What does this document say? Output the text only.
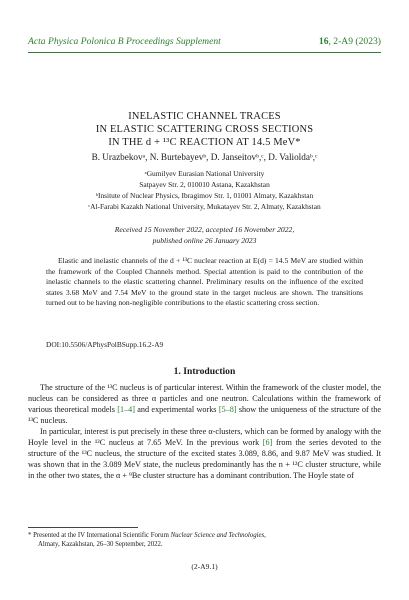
Acta Physica Polonica B Proceedings Supplement	16, 2-A9 (2023)
INELASTIC CHANNEL TRACES
IN ELASTIC SCATTERING CROSS SECTIONS
IN THE d + ¹³C REACTION AT 14.5 MeV*
B. Urazbekovᵃ, N. Burtebayevᵇ, D. Janseitovᵇ,ᶜ, D. Valioldaᵇ,ᶜ
ᵃGumilyev Eurasian National University
Satpayev Str. 2, 010010 Astana, Kazakhstan
ᵇInsitute of Nuclear Physics, Ibragimov Str. 1, 01001 Almaty, Kazakhstan
ᶜAl-Farabi Kazakh National University, Mukatayev Str. 2, Almaty, Kazakhstan
Received 15 November 2022, accepted 16 November 2022,
published online 26 January 2023

Elastic and inelastic channels of the d + ¹³C nuclear reaction at E(d) = 14.5 MeV are studied within the framework of the Coupled Channels method. Special attention is paid to the contribution of the inelastic channels to the elastic scattering channel. Preliminary results on the influence of the excited states 3.68 MeV and 7.54 MeV to the ground state in the target nucleus are shown. The transitions turned out to be having non-negligible contributions to the elastic scattering cross section.

DOI:10.5506/APhysPolBSupp.16.2-A9
1. Introduction

The structure of the ¹³C nucleus is of particular interest. Within the framework of the cluster model, the nucleus can be considered as three α particles and one neutron. Calculations within the framework of various theoretical models [1–4] and experimental works [5–8] show the uniqueness of the structure of the ¹³C nucleus.

In particular, interest is put precisely in these three α-clusters, which can be formed by analogy with the Hoyle level in the ¹²C nucleus at 7.65 MeV. In the previous work [6] from the series devoted to the structure of the ¹³C nucleus, the structure of the excited states 3.089, 8.86, and 9.87 MeV was studied. It was shown that in the 3.089 MeV state, the nucleus predominantly has the n + ¹²C cluster structure, while in the other two states, the α + ⁹Be cluster structure has a dominant contribution. The Hoyle state of

* Presented at the IV International Scientific Forum Nuclear Science and Technologies,
Almaty, Kazakhstan, 26–30 September, 2022.
(2-A9.1)
